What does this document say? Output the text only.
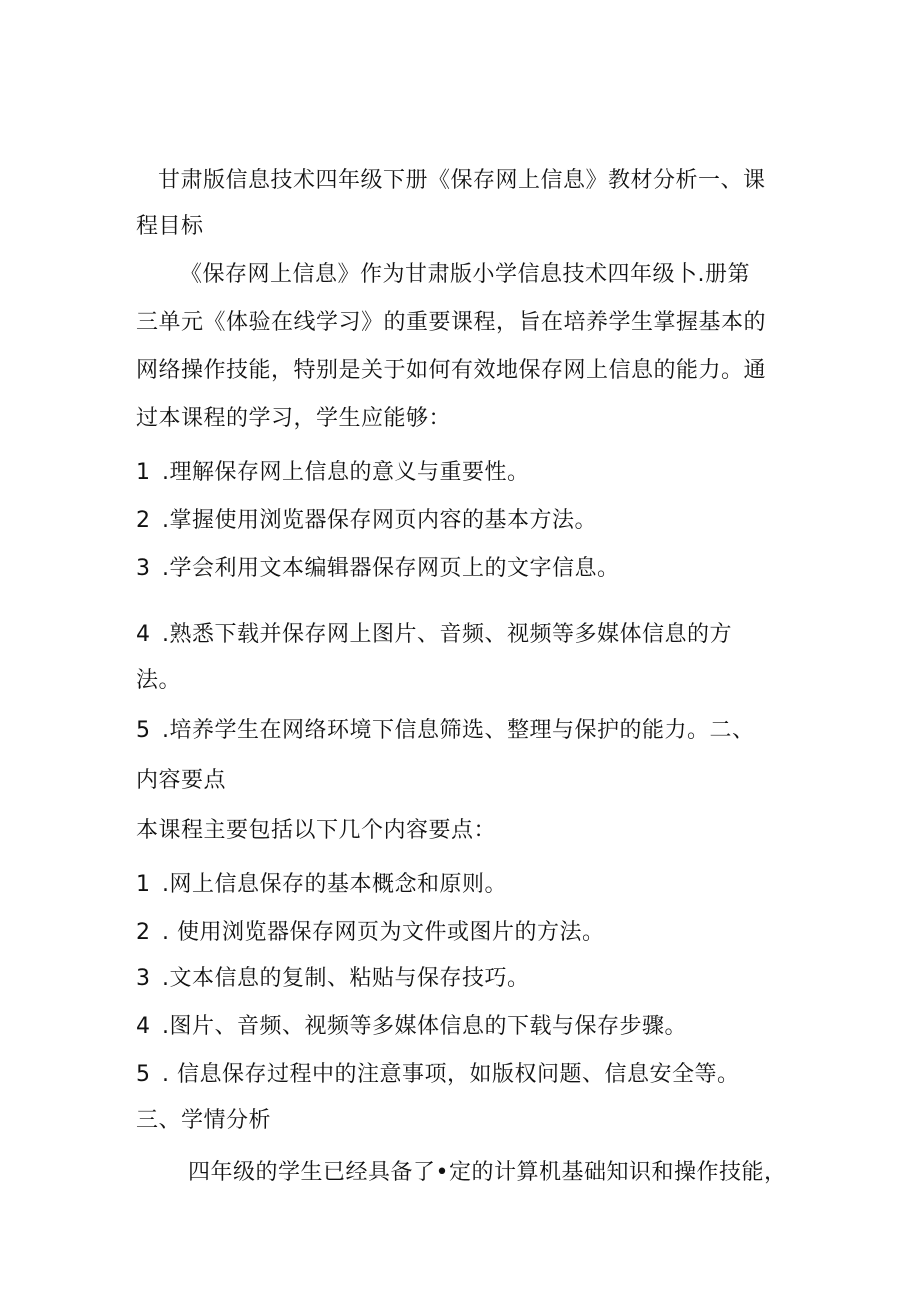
甘肃版信息技术四年级下册《保存网上信息》教材分析一、课
程目标
《保存网上信息》作为甘肃版小学信息技术四年级卜.册第
三单元《体验在线学习》的重要课程，旨在培养学生掌握基本的
网络操作技能，特别是关于如何有效地保存网上信息的能力。通
过本课程的学习，学生应能够：
1 .理解保存网上信息的意义与重要性。
2 .掌握使用浏览器保存网页内容的基本方法。
3 .学会利用文本编辑器保存网页上的文字信息。
4 .熟悉下载并保存网上图片、音频、视频等多媒体信息的方
法。
5 .培养学生在网络环境下信息筛选、整理与保护的能力。二、
内容要点
本课程主要包括以下几个内容要点：
1 .网上信息保存的基本概念和原则。
2 . 使用浏览器保存网页为文件或图片的方法。
3 .文本信息的复制、粘贴与保存技巧。
4 .图片、音频、视频等多媒体信息的下载与保存步骤。
5 . 信息保存过程中的注意事项，如版权问题、信息安全等。
三、学情分析
四年级的学生已经具备了•定的计算机基础知识和操作技能，
